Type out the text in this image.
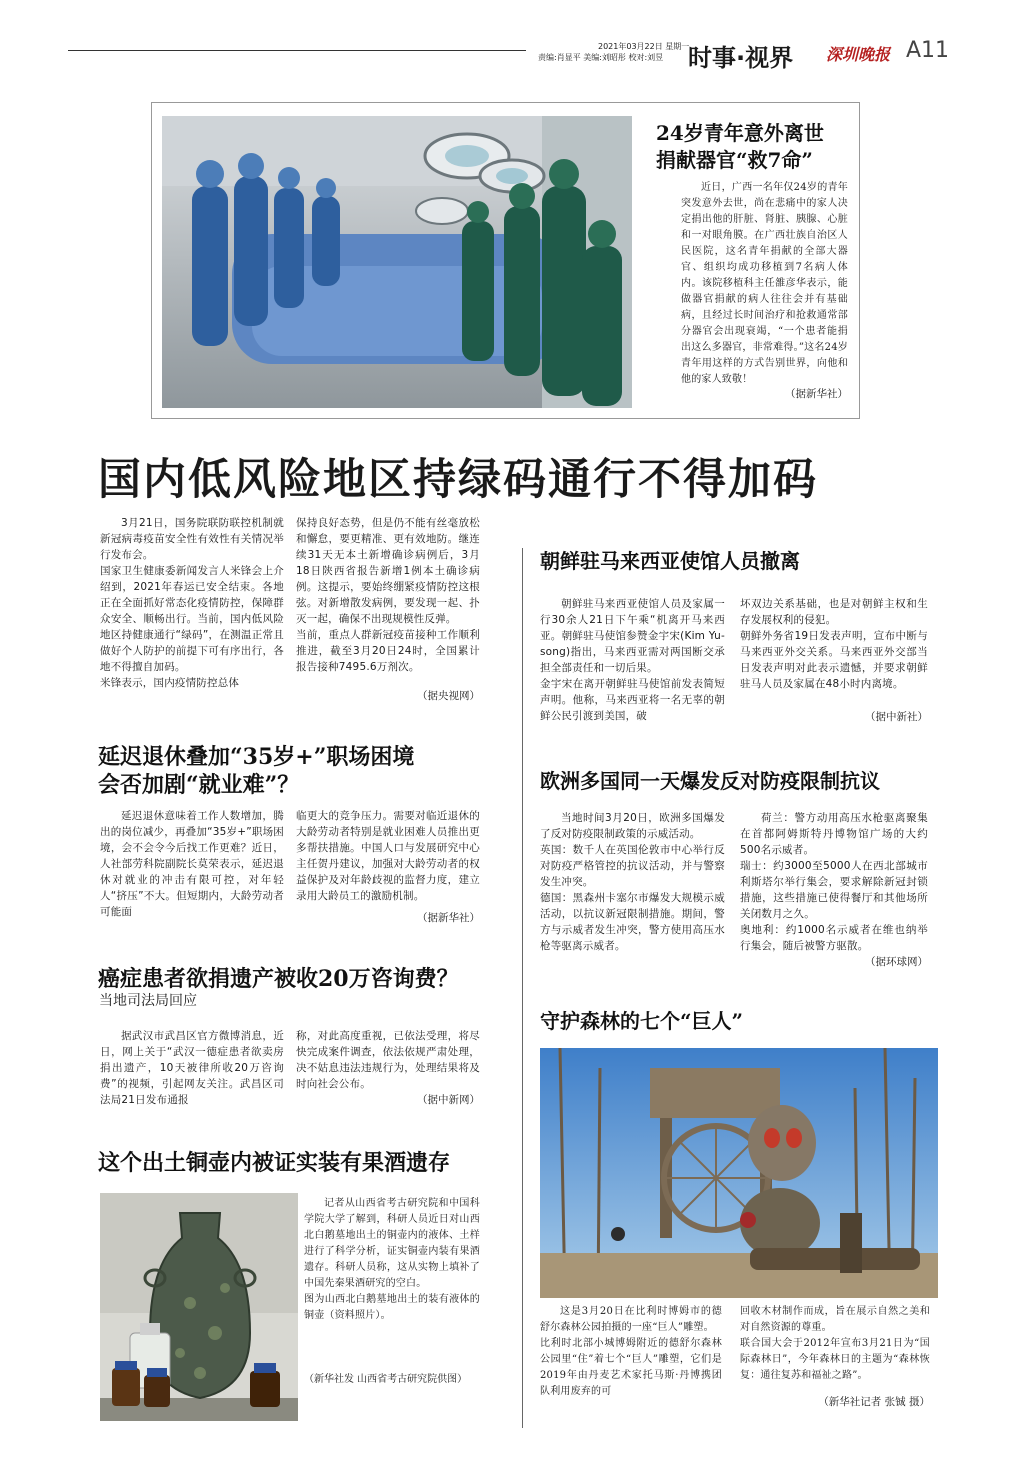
2021年03月22日 星期一
责编:肖显平 美编:刘昭彤 校对:刘昱 时事·视界 深圳晚报 A11
24岁青年意外离世
捐献器官“救7命”
近日，广西一名年仅24岁的青年突发意外去世，尚在悲痛中的家人决定捐出他的肝脏、肾脏、胰腺、心脏和一对眼角膜。在广西壮族自治区人民医院，这名青年捐献的全部大器官、组织均成功移植到7名病人体内。该院移植科主任雒彦华表示，能做器官捐献的病人往往会并有基础病，且经过长时间治疗和抢救通常部分器官会出现衰竭，“一个患者能捐出这么多器官，非常难得。”这名24岁青年用这样的方式告别世界，向他和他的家人致敬！
（据新华社）
国内低风险地区持绿码通行不得加码
3月21日，国务院联防联控机制就新冠病毒疫苗安全性有效性有关情况举行发布会。
国家卫生健康委新闻发言人米锋会上介绍到，2021年春运已安全结束。各地正在全面抓好常态化疫情防控，保障群众安全、顺畅出行。当前，国内低风险地区持健康通行“绿码”，在测温正常且做好个人防护的前提下可有序出行，各地不得擅自加码。
米锋表示，国内疫情防控总体
保持良好态势，但是仍不能有丝毫放松和懈怠，要更精准、更有效地防。继连续31天无本土新增确诊病例后，3月18日陕西省报告新增1例本土确诊病例。这提示，要始终绷紧疫情防控这根弦。对新增散发病例，要发现一起、扑灭一起，确保不出现规模性反弹。
当前，重点人群新冠疫苗接种工作顺利推进，截至3月20日24时，全国累计报告接种7495.6万剂次。
（据央视网）
朝鲜驻马来西亚使馆人员撤离
朝鲜驻马来西亚使馆人员及家属一行30余人21日下午乘“机离开马来西亚。朝鲜驻马使馆参赞金宇宋(Kim Yu-song)指出，马来西亚需对两国断交承担全部责任和一切后果。
金宇宋在离开朝鲜驻马使馆前发表简短声明。他称，马来西亚将一名无辜的朝鲜公民引渡到美国，破
坏双边关系基础，也是对朝鲜主权和生存发展权利的侵犯。
朝鲜外务省19日发表声明，宣布中断与马来西亚外交关系。马来西亚外交部当日发表声明对此表示遗憾，并要求朝鲜驻马人员及家属在48小时内离境。
（据中新社）
延迟退休叠加“35岁+”职场困境
会否加剧“就业难”？
延迟退休意味着工作人数增加，腾出的岗位减少，再叠加“35岁+”职场困境，会不会令今后找工作更难？近日，人社部劳科院副院长莫荣表示，延迟退休对就业的冲击有限可控，对年轻人“挤压”不大。但短期内，大龄劳动者可能面
临更大的竞争压力。需要对临近退休的大龄劳动者特别是就业困难人员推出更多帮扶措施。中国人口与发展研究中心主任贺丹建议，加强对大龄劳动者的权益保护及对年龄歧视的监督力度，建立录用大龄员工的激励机制。
（据新华社）
欧洲多国同一天爆发反对防疫限制抗议
当地时间3月20日，欧洲多国爆发了反对防疫限制政策的示威活动。
英国：数千人在英国伦敦市中心举行反对防疫严格管控的抗议活动，并与警察发生冲突。
德国：黑森州卡塞尔市爆发大规模示威活动，以抗议新冠限制措施。期间，警方与示威者发生冲突，警方使用高压水枪等驱离示威者。
荷兰：警方动用高压水枪驱离聚集在首都阿姆斯特丹博物馆广场的大约500名示威者。
瑞士：约3000至5000人在西北部城市利斯塔尔举行集会，要求解除新冠封锁措施，这些措施已使得餐厅和其他场所关闭数月之久。
奥地利：约1000名示威者在维也纳举行集会，随后被警方驱散。
（据环球网）
癌症患者欲捐遗产被收20万咨询费？
当地司法局回应
据武汉市武昌区官方微博消息，近日，网上关于“武汉一德症患者欲卖房捐出遗产，10天被律所收20万咨询费”的视频，引起网友关注。武昌区司法局21日发布通报
称，对此高度重视，已依法受理，将尽快完成案件调查，依法依规严肃处理，决不姑息违法违规行为，处理结果将及时向社会公布。
（据中新网）
守护森林的七个“巨人”
这是3月20日在比利时博姆市的德舒尔森林公园拍摄的一座“巨人”雕塑。
比利时北部小城博姆附近的德舒尔森林公园里“住”着七个“巨人”雕塑，它们是2019年由丹麦艺术家托马斯·丹博携团队利用废弃的可
回收木材制作而成，旨在展示自然之美和对自然资源的尊重。
联合国大会于2012年宣布3月21日为“国际森林日”，今年森林日的主题为“森林恢复：通往复苏和福祉之路”。
（新华社记者 张铖 摄）
这个出土铜壶内被证实装有果酒遗存
记者从山西省考古研究院和中国科学院大学了解到，科研人员近日对山西北白鹅墓地出土的铜壶内的液体、土样进行了科学分析，证实铜壶内装有果酒遗存。科研人员称，这从实物上填补了中国先秦果酒研究的空白。
图为山西北白鹅墓地出土的装有液体的铜壶（资料照片）。
（新华社发 山西省考古研究院供图）
